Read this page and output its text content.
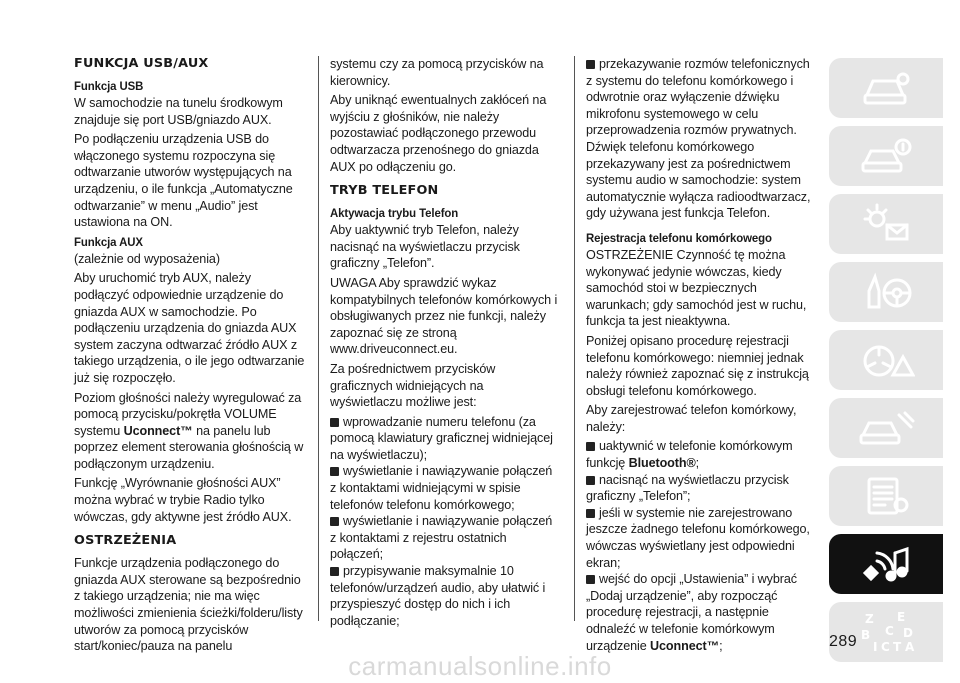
FUNKCJA USB/AUX
Funkcja USB

W samochodzie na tunelu środkowym znajduje się port USB/gniazdo AUX.

Po podłączeniu urządzenia USB do włączonego systemu rozpoczyna się odtwarzanie utworów występujących na urządzeniu, o ile funkcja „Automatyczne odtwarzanie” w menu „Audio” jest ustawiona na ON.

Funkcja AUX

(zależnie od wyposażenia)

Aby uruchomić tryb AUX, należy podłączyć odpowiednie urządzenie do gniazda AUX w samochodzie. Po podłączeniu urządzenia do gniazda AUX system zaczyna odtwarzać źródło AUX z takiego urządzenia, o ile jego odtwarzanie już się rozpoczęło.

Poziom głośności należy wyregulować za pomocą przycisku/pokrętła VOLUME systemu Uconnect™ na panelu lub poprzez element sterowania głośnością w podłączonym urządzeniu.

Funkcję „Wyrównanie głośności AUX” można wybrać w trybie Radio tylko wówczas, gdy aktywne jest źródło AUX.

OSTRZEŻENIA

Funkcje urządzenia podłączonego do gniazda AUX sterowane są bezpośrednio z takiego urządzenia; nie ma więc możliwości zmienienia ścieżki/folderu/listy utworów za pomocą przycisków start/koniec/pauza na panelu

systemu czy za pomocą przycisków na kierownicy.

Aby uniknąć ewentualnych zakłóceń na wyjściu z głośników, nie należy pozostawiać podłączonego przewodu odtwarzacza przenośnego do gniazda AUX po odłączeniu go.

TRYB TELEFON
Aktywacja trybu Telefon

Aby uaktywnić tryb Telefon, należy nacisnąć na wyświetlaczu przycisk graficzny „Telefon”.

UWAGA Aby sprawdzić wykaz kompatybilnych telefonów komórkowych i obsługiwanych przez nie funkcji, należy zapoznać się ze stroną www.driveuconnect.eu.

Za pośrednictwem przycisków graficznych widniejących na wyświetlaczu możliwe jest:

wprowadzanie numeru telefonu (za pomocą klawiatury graficznej widniejącej na wyświetlaczu);
wyświetlanie i nawiązywanie połączeń z kontaktami widniejącymi w spisie telefonów telefonu komórkowego;
wyświetlanie i nawiązywanie połączeń z kontaktami z rejestru ostatnich połączeń;
przypisywanie maksymalnie 10 telefonów/urządzeń audio, aby ułatwić i przyspieszyć dostęp do nich i ich podłączanie;
przekazywanie rozmów telefonicznych z systemu do telefonu komórkowego i odwrotnie oraz wyłączenie dźwięku mikrofonu systemowego w celu przeprowadzenia rozmów prywatnych.

Dźwięk telefonu komórkowego przekazywany jest za pośrednictwem systemu audio w samochodzie: system automatycznie wyłącza radioodtwarzacz, gdy używana jest funkcja Telefon.

Rejestracja telefonu komórkowego

OSTRZEŻENIE Czynność tę można wykonywać jedynie wówczas, kiedy samochód stoi w bezpiecznych warunkach; gdy samochód jest w ruchu, funkcja ta jest nieaktywna.

Poniżej opisano procedurę rejestracji telefonu komórkowego: niemniej jednak należy również zapoznać się z instrukcją obsługi telefonu komórkowego.

Aby zarejestrować telefon komórkowy, należy:

uaktywnić w telefonie komórkowym funkcję Bluetooth®;
nacisnąć na wyświetlaczu przycisk graficzny „Telefon”;
jeśli w systemie nie zarejestrowano jeszcze żadnego telefonu komórkowego, wówczas wyświetlany jest odpowiedni ekran;
wejść do opcji „Ustawienia” i wybrać „Dodaj urządzenie”, aby rozpocząć procedurę rejestracji, a następnie odnaleźć w telefonie komórkowym urządzenie Uconnect™;
Z E
B C D
I C T A
289
carmanualsonline.info
